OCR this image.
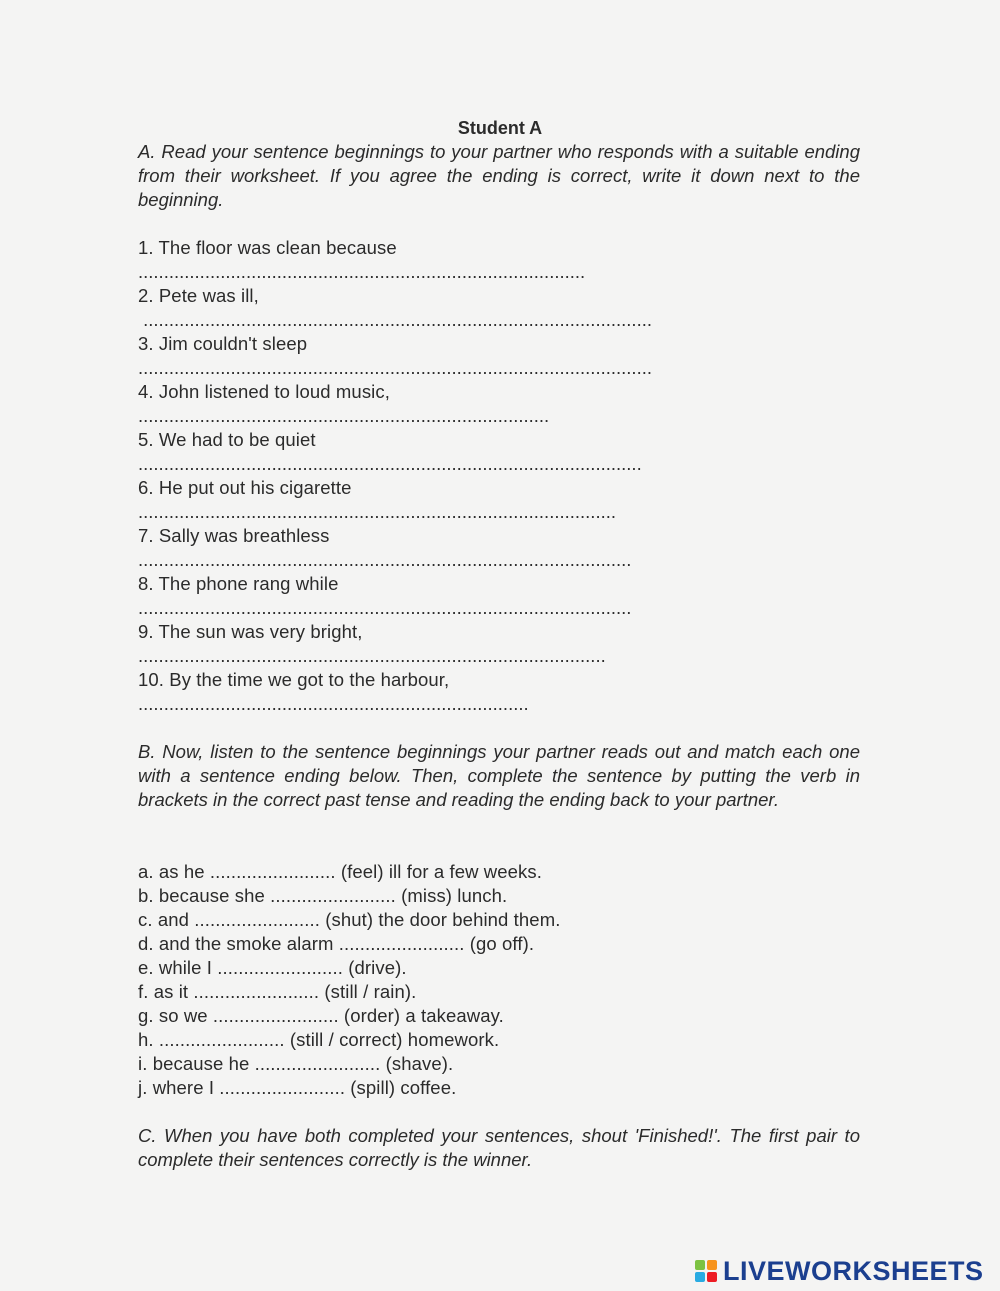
Student A
A. Read your sentence beginnings to your partner who responds with a suitable ending from their worksheet. If you agree the ending is correct, write it down next to the beginning.
1. The floor was clean because
.......................................................................................
2. Pete was ill,
...................................................................................................
3. Jim couldn't sleep
....................................................................................................
4. John listened to loud music,
................................................................................
5. We had to be quiet
..................................................................................................
6. He put out his cigarette
.............................................................................................
7. Sally was breathless
................................................................................................
8. The phone rang while
................................................................................................
9. The sun was very bright,
...........................................................................................
10. By the time we got to the harbour,
............................................................................
B. Now, listen to the sentence beginnings your partner reads out and match each one with a sentence ending below. Then, complete the sentence by putting the verb in brackets in the correct past tense and reading the ending back to your partner.
a. as he ........................ (feel) ill for a few weeks.
b. because she ........................ (miss) lunch.
c. and ........................ (shut) the door behind them.
d. and the smoke alarm ........................ (go off).
e. while I ........................ (drive).
f. as it ........................ (still / rain).
g. so we ........................ (order) a takeaway.
h. ........................ (still / correct) homework.
i. because he ........................ (shave).
j. where I ........................ (spill) coffee.
C. When you have both completed your sentences, shout 'Finished!'. The first pair to complete their sentences correctly is the winner.
LIVEWORKSHEETS
